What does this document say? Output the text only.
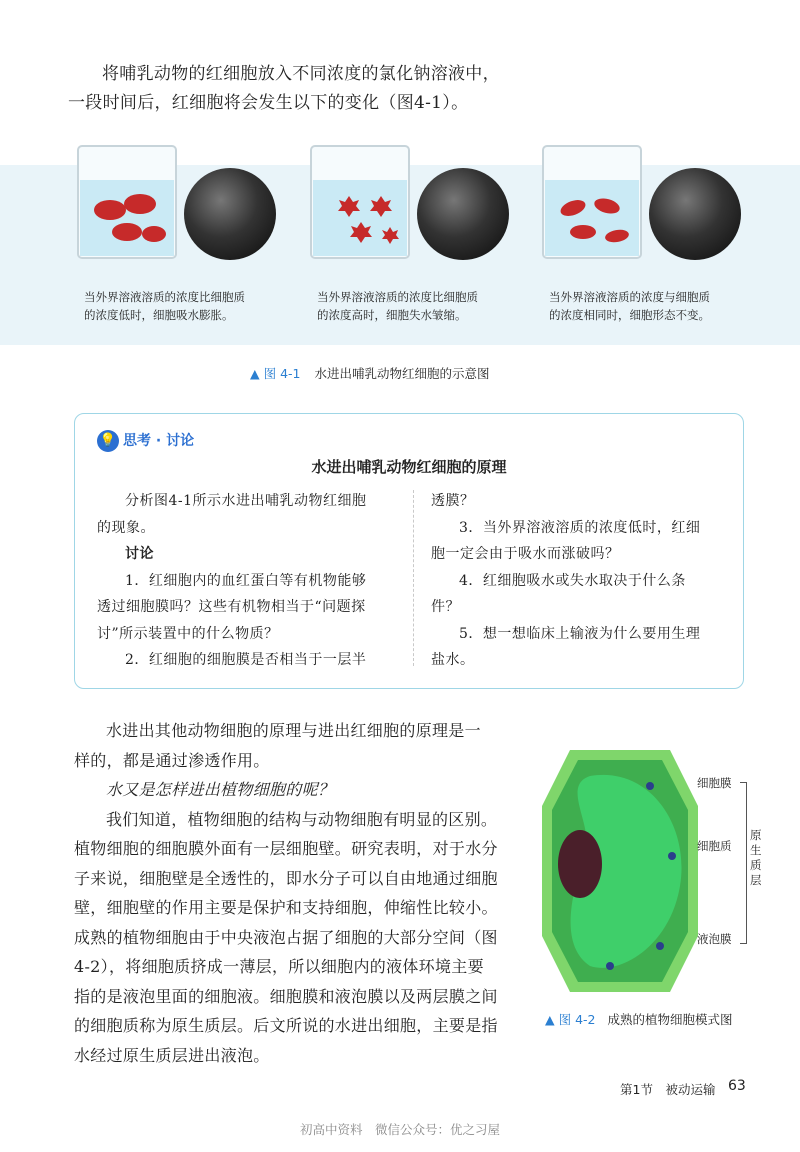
将哺乳动物的红细胞放入不同浓度的氯化钠溶液中，
一段时间后，红细胞将会发生以下的变化（图4-1）。
当外界溶液溶质的浓度比细胞质
的浓度低时，细胞吸水膨胀。
当外界溶液溶质的浓度比细胞质
的浓度高时，细胞失水皱缩。
当外界溶液溶质的浓度与细胞质
的浓度相同时，细胞形态不变。
▲ 图 4-1 水进出哺乳动物红细胞的示意图
💡 思考 · 讨论
水进出哺乳动物红细胞的原理
分析图4-1所示水进出哺乳动物红细胞
的现象。
讨论
1．红细胞内的血红蛋白等有机物能够
透过细胞膜吗？这些有机物相当于“问题探
讨”所示装置中的什么物质？
2．红细胞的细胞膜是否相当于一层半
透膜？
3．当外界溶液溶质的浓度低时，红细
胞一定会由于吸水而涨破吗？
4．红细胞吸水或失水取决于什么条
件？
5．想一想临床上输液为什么要用生理
盐水。
水进出其他动物细胞的原理与进出红细胞的原理是一
样的，都是通过渗透作用。
水又是怎样进出植物细胞的呢？
我们知道，植物细胞的结构与动物细胞有明显的区别。
植物细胞的细胞膜外面有一层细胞壁。研究表明，对于水分
子来说，细胞壁是全透性的，即水分子可以自由地通过细胞
壁，细胞壁的作用主要是保护和支持细胞，伸缩性比较小。
成熟的植物细胞由于中央液泡占据了细胞的大部分空间（图
4-2），将细胞质挤成一薄层，所以细胞内的液体环境主要
指的是液泡里面的细胞液。细胞膜和液泡膜以及两层膜之间
的细胞质称为原生质层。后文所说的水进出细胞，主要是指
水经过原生质层进出液泡。
细胞膜
细胞质
液泡膜
原生质层
▲ 图 4-2 成熟的植物细胞模式图
第1节　被动运输 63
初高中资料　微信公众号：优之习屋
